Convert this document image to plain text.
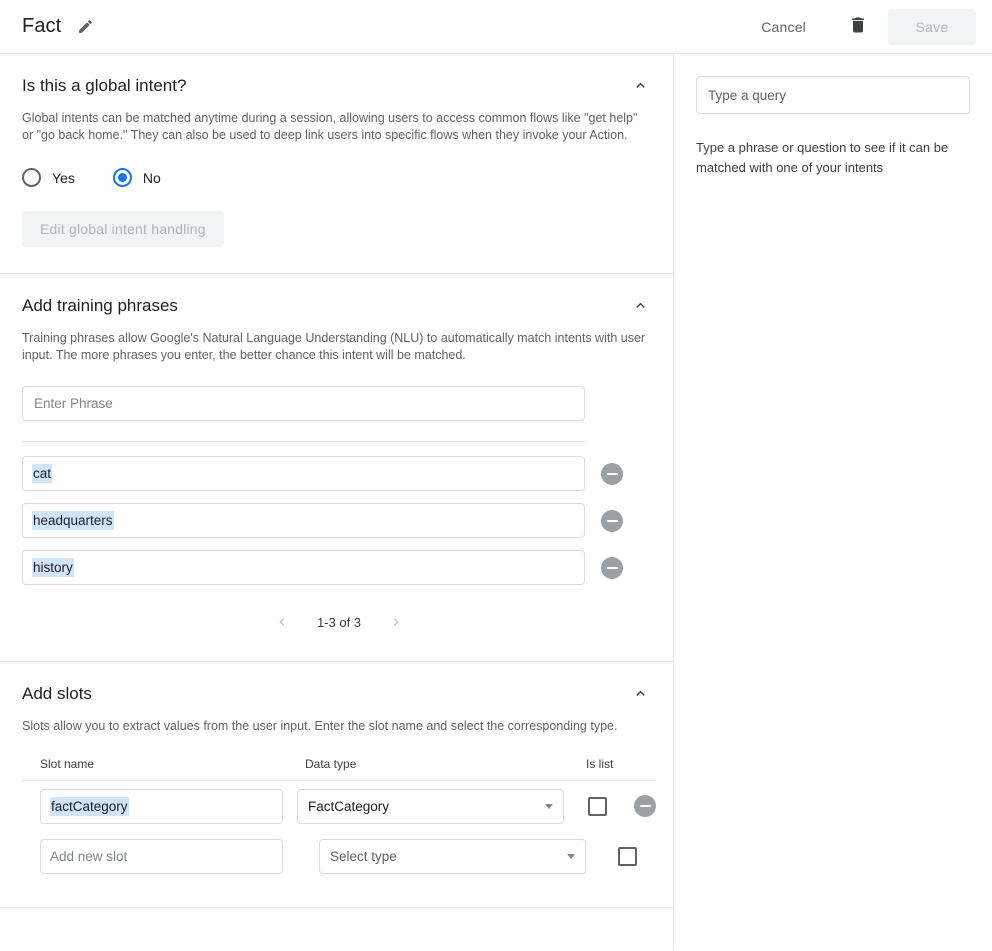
Fact	Cancel	Save
Is this a global intent?
Global intents can be matched anytime during a session, allowing users to access common flows like "get help" or "go back home." They can also be used to deep link users into specific flows when they invoke your Action.
Yes	No
Edit global intent handling
Add training phrases
Training phrases allow Google's Natural Language Understanding (NLU) to automatically match intents with user input. The more phrases you enter, the better chance this intent will be matched.
Enter Phrase
cat
headquarters
history
1-3 of 3
Add slots
Slots allow you to extract values from the user input. Enter the slot name and select the corresponding type.
Slot name	Data type	Is list
factCategory	FactCategory
Add new slot	Select type
Type a query
Type a phrase or question to see if it can be matched with one of your intents
